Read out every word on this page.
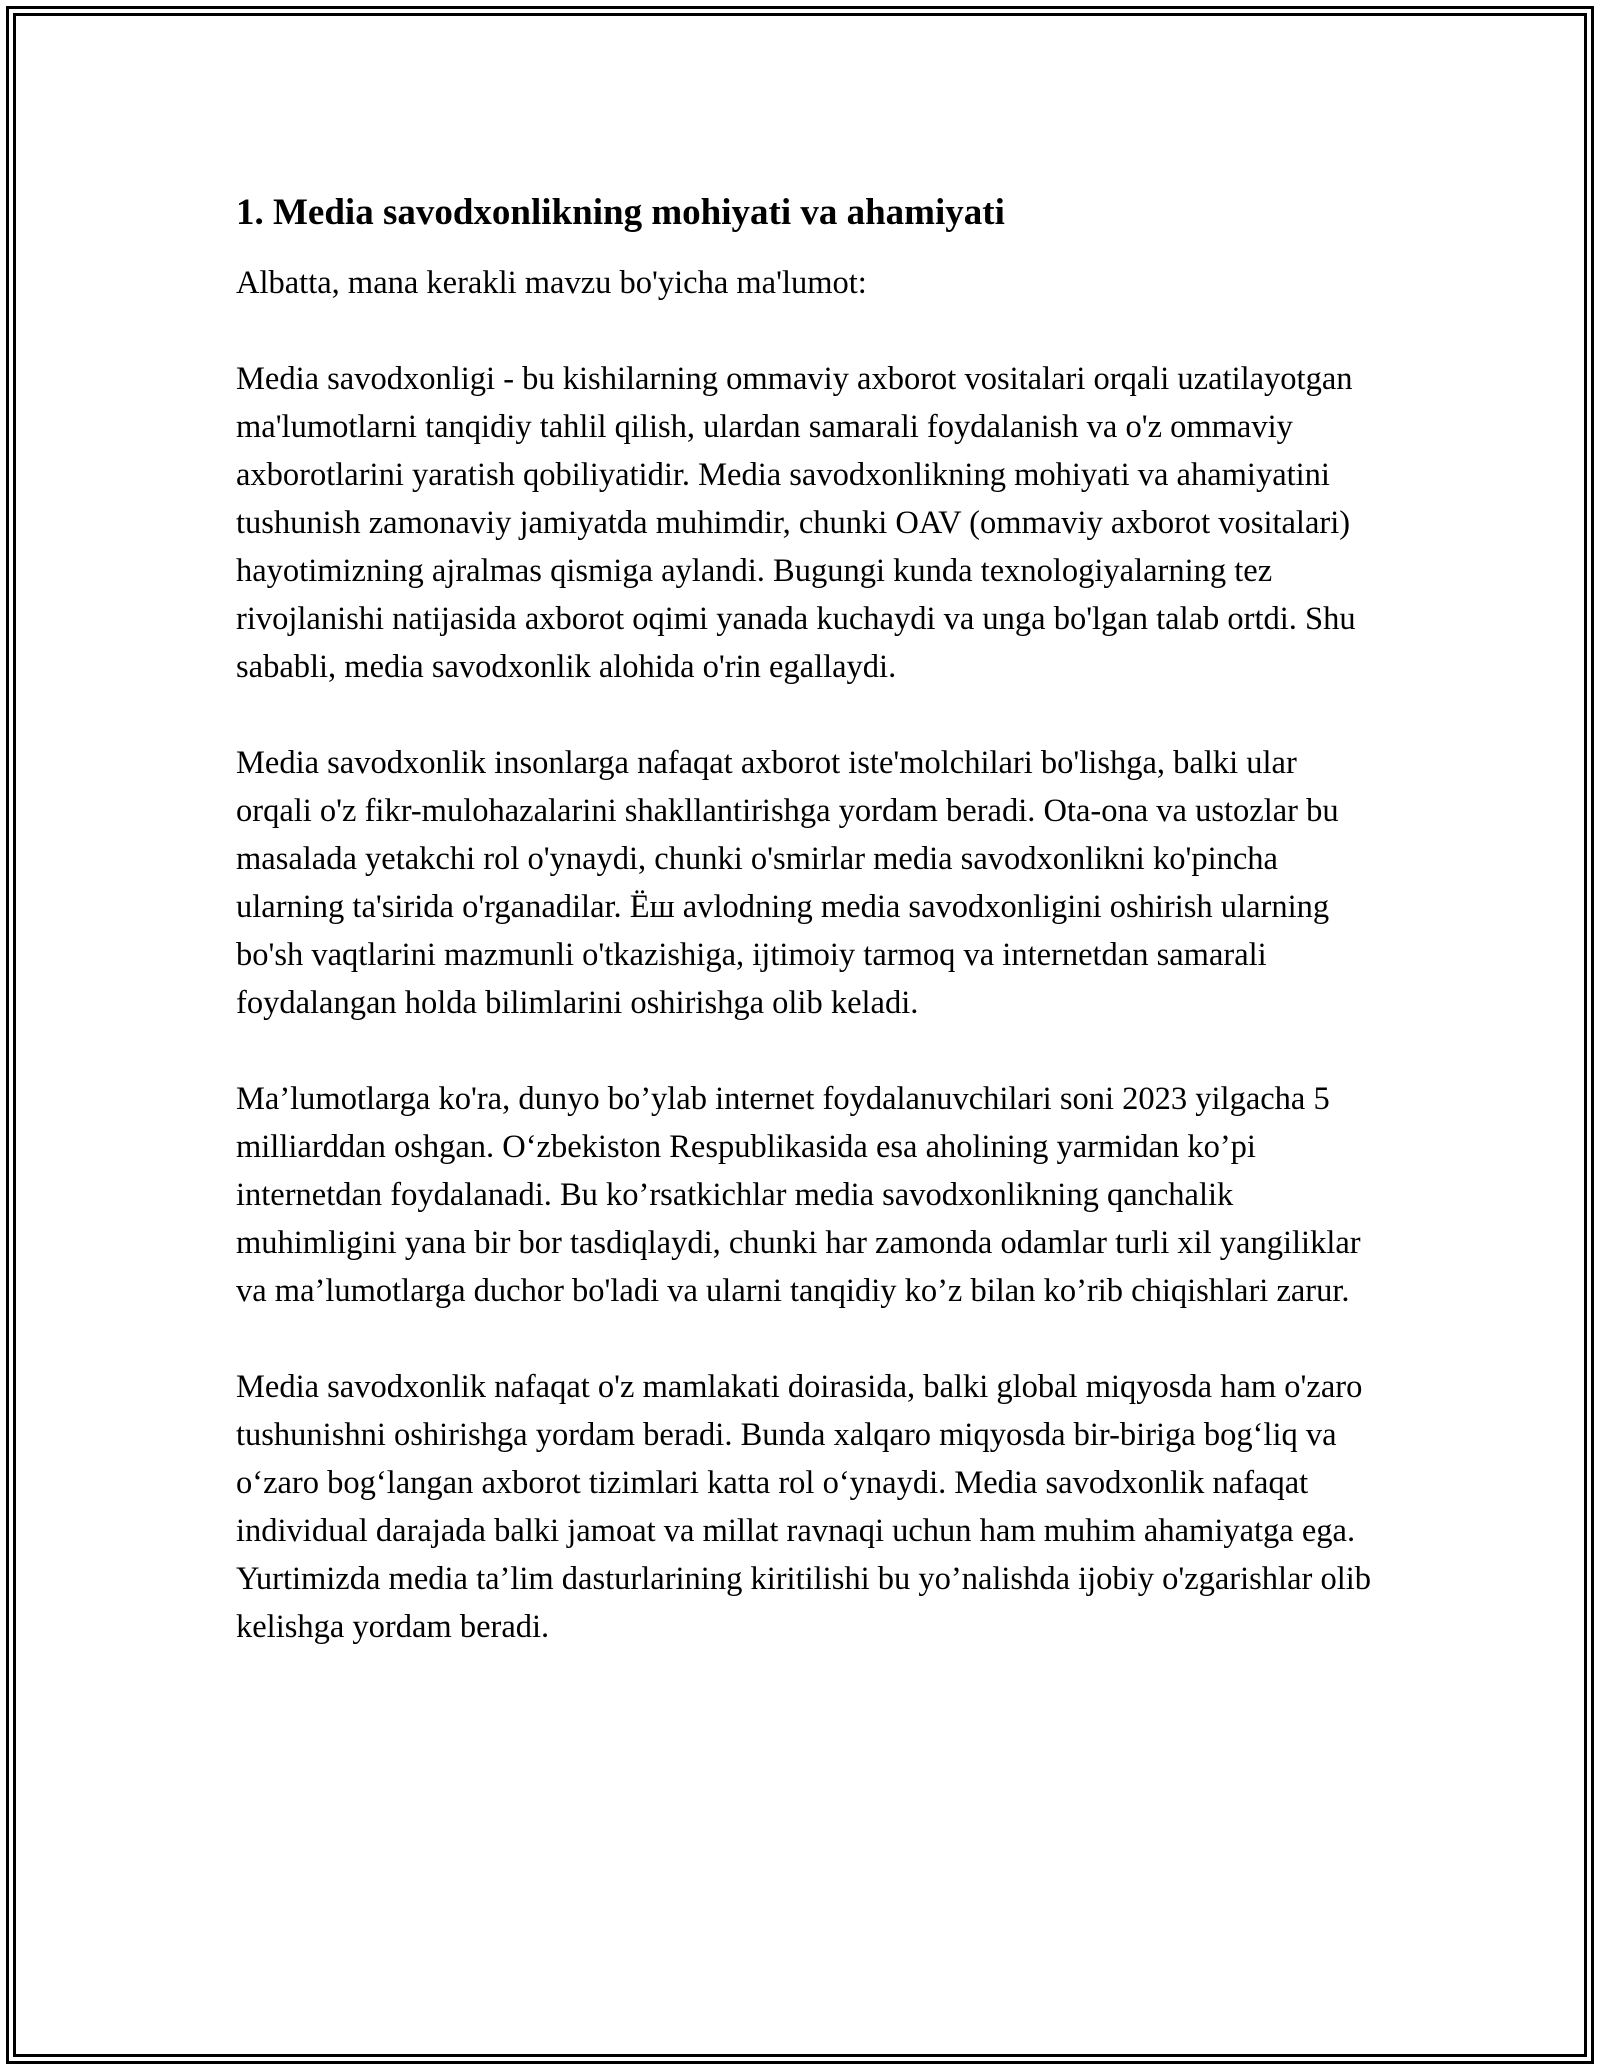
1. Media savodxonlikning mohiyati va ahamiyati

Albatta, mana kerakli mavzu bo'yicha ma'lumot:

Media savodxonligi - bu kishilarning ommaviy axborot vositalari orqali uzatilayotgan ma'lumotlarni tanqidiy tahlil qilish, ulardan samarali foydalanish va o'z ommaviy axborotlarini yaratish qobiliyatidir. Media savodxonlikning mohiyati va ahamiyatini tushunish zamonaviy jamiyatda muhimdir, chunki OAV (ommaviy axborot vositalari) hayotimizning ajralmas qismiga aylandi. Bugungi kunda texnologiyalarning tez rivojlanishi natijasida axborot oqimi yanada kuchaydi va unga bo'lgan talab ortdi. Shu sababli, media savodxonlik alohida o'rin egallaydi.

Media savodxonlik insonlarga nafaqat axborot iste'molchilari bo'lishga, balki ular orqali o'z fikr-mulohazalarini shakllantirishga yordam beradi. Ota-ona va ustozlar bu masalada yetakchi rol o'ynaydi, chunki o'smirlar media savodxonlikni ko'pincha ularning ta'sirida o'rganadilar. Ёш avlodning media savodxonligini oshirish ularning bo'sh vaqtlarini mazmunli o'tkazishiga, ijtimoiy tarmoq va internetdan samarali foydalangan holda bilimlarini oshirishga olib keladi.

Ma’lumotlarga ko'ra, dunyo bo’ylab internet foydalanuvchilari soni 2023 yilgacha 5 milliarddan oshgan. O‘zbekiston Respublikasida esa aholining yarmidan ko’pi internetdan foydalanadi. Bu ko’rsatkichlar media savodxonlikning qanchalik muhimligini yana bir bor tasdiqlaydi, chunki har zamonda odamlar turli xil yangiliklar va ma’lumotlarga duchor bo'ladi va ularni tanqidiy ko’z bilan ko’rib chiqishlari zarur.

Media savodxonlik nafaqat o'z mamlakati doirasida, balki global miqyosda ham o'zaro tushunishni oshirishga yordam beradi. Bunda xalqaro miqyosda bir-biriga bog‘liq va o‘zaro bog‘langan axborot tizimlari katta rol o‘ynaydi. Media savodxonlik nafaqat individual darajada balki jamoat va millat ravnaqi uchun ham muhim ahamiyatga ega. Yurtimizda media ta’lim dasturlarining kiritilishi bu yo’nalishda ijobiy o'zgarishlar olib kelishga yordam beradi.
